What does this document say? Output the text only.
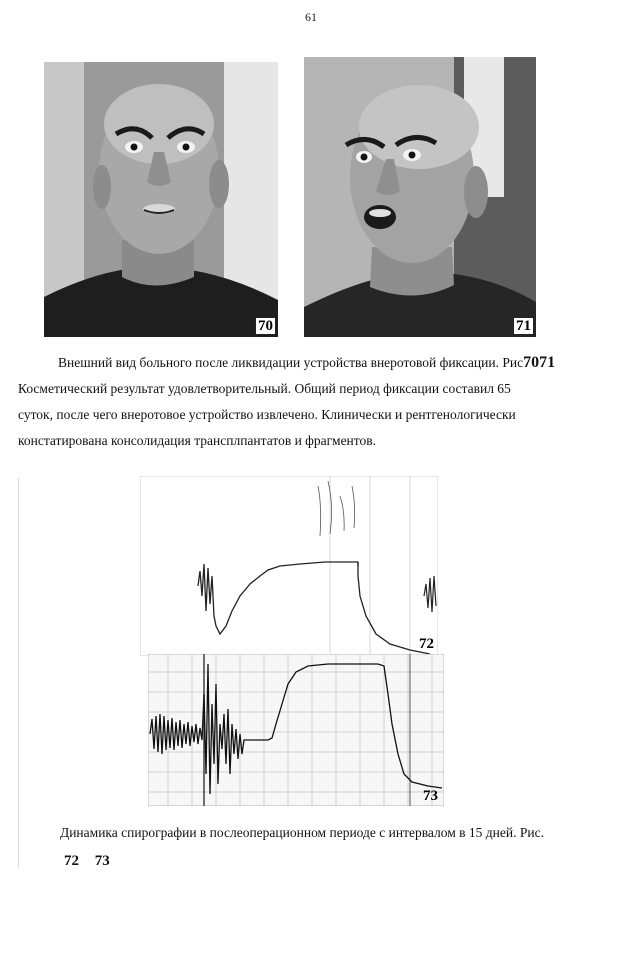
61
70	71
Внешний вид больного после ликвидации устройства внеротовой фиксации. Рис7071
Косметический результат удовлетворительный. Общий период фиксации составил 65
суток, после чего внеротовое устройство извлечено. Клинически и рентгенологически
констатирована консолидация трансплпантатов и фрагментов.
72
73
Динамика спирографии в послеоперационном периоде с интервалом в 15 дней. Рис.
72 73
